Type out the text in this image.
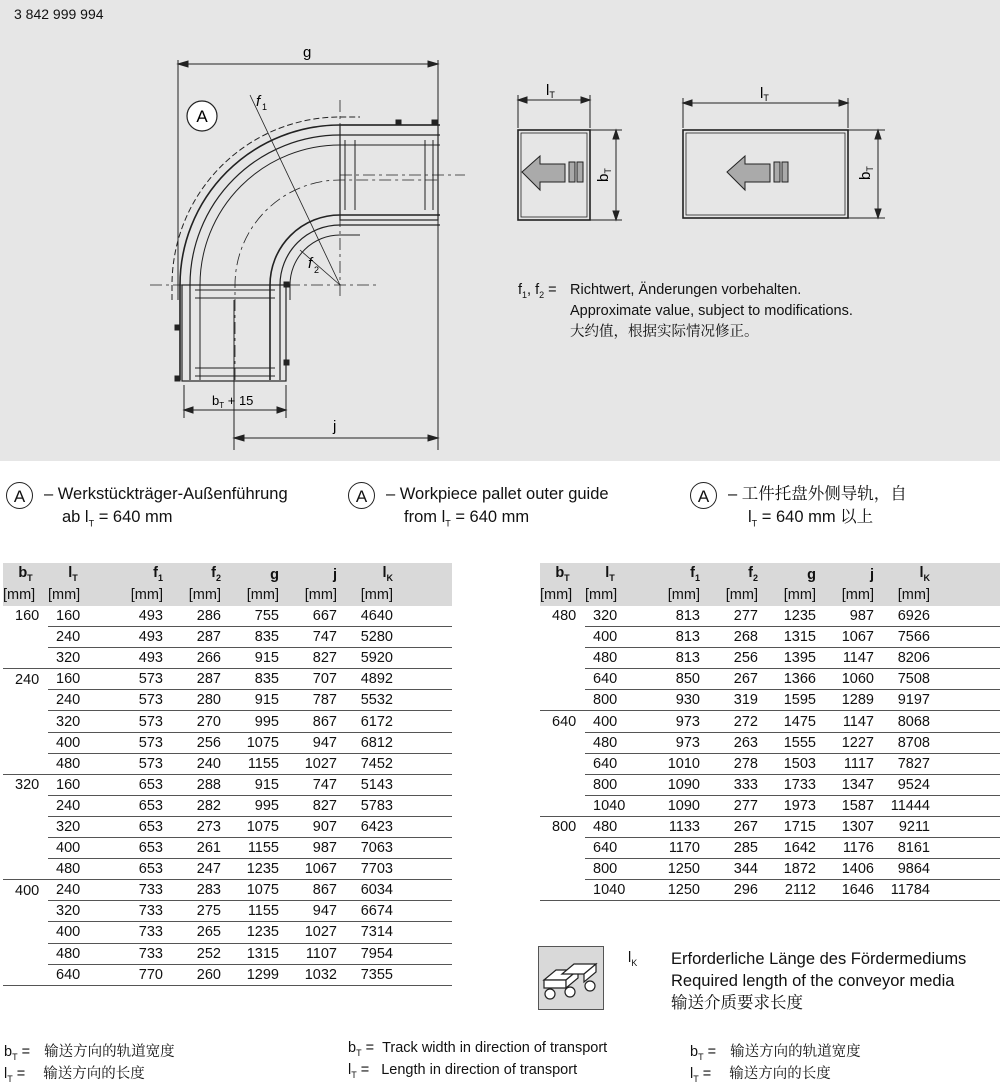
3 842 999 994
A
g
j
f 1
f 2
$b_T + 15$
$l_T$
$b_T$
$l_T$
$b_T$
$f_1$, $f_2$ = Richtwert, Änderungen vorbehalten.
Approximate value, subject to modifications.
大约值，根据实际情况修正。
A – Werkstückträger-Außenführung
ab $l_T = 640$ mm
A – Workpiece pallet outer guide
from $l_T = 640$ mm
A – 工件托盘外侧导轨，自
$l_T = 640$ mm 以上
$b_T$	$l_T$	$f_1$	$f_2$	g	j	$l_K$	
[mm]	[mm]	[mm]	[mm]	[mm]	[mm]	[mm]	
160	160	493	286	755	667	4640	
	240	493	287	835	747	5280	
	320	493	266	915	827	5920	
240	160	573	287	835	707	4892	
	240	573	280	915	787	5532	
	320	573	270	995	867	6172	
	400	573	256	1075	947	6812	
	480	573	240	1155	1027	7452	
320	160	653	288	915	747	5143	
	240	653	282	995	827	5783	
	320	653	273	1075	907	6423	
	400	653	261	1155	987	7063	
	480	653	247	1235	1067	7703	
400	240	733	283	1075	867	6034	
	320	733	275	1155	947	6674	
	400	733	265	1235	1027	7314	
	480	733	252	1315	1107	7954	
	640	770	260	1299	1032	7355	
$b_T$	$l_T$	$f_1$	$f_2$	g	j	$l_K$	
[mm]	[mm]	[mm]	[mm]	[mm]	[mm]	[mm]	
480	320	813	277	1235	987	6926	
	400	813	268	1315	1067	7566	
	480	813	256	1395	1147	8206	
	640	850	267	1366	1060	7508	
	800	930	319	1595	1289	9197	
640	400	973	272	1475	1147	8068	
	480	973	263	1555	1227	8708	
	640	1010	278	1503	1117	7827	
	800	1090	333	1733	1347	9524	
	1040	1090	277	1973	1587	11444	
800	480	1133	267	1715	1307	9211	
	640	1170	285	1642	1176	8161	
	800	1250	344	1872	1406	9864	
	1040	1250	296	2112	1646	11784	
$l_K$ Erforderliche Länge des Fördermediums
Required length of the conveyor media
输送介质要求长度
$b_T$ = 输送方向的轨道宽度
$l_T$ = 输送方向的长度
$b_T$ = Track width in direction of transport
$l_T$ = Length in direction of transport
$b_T$ = 输送方向的轨道宽度
$l_T$ = 输送方向的长度
